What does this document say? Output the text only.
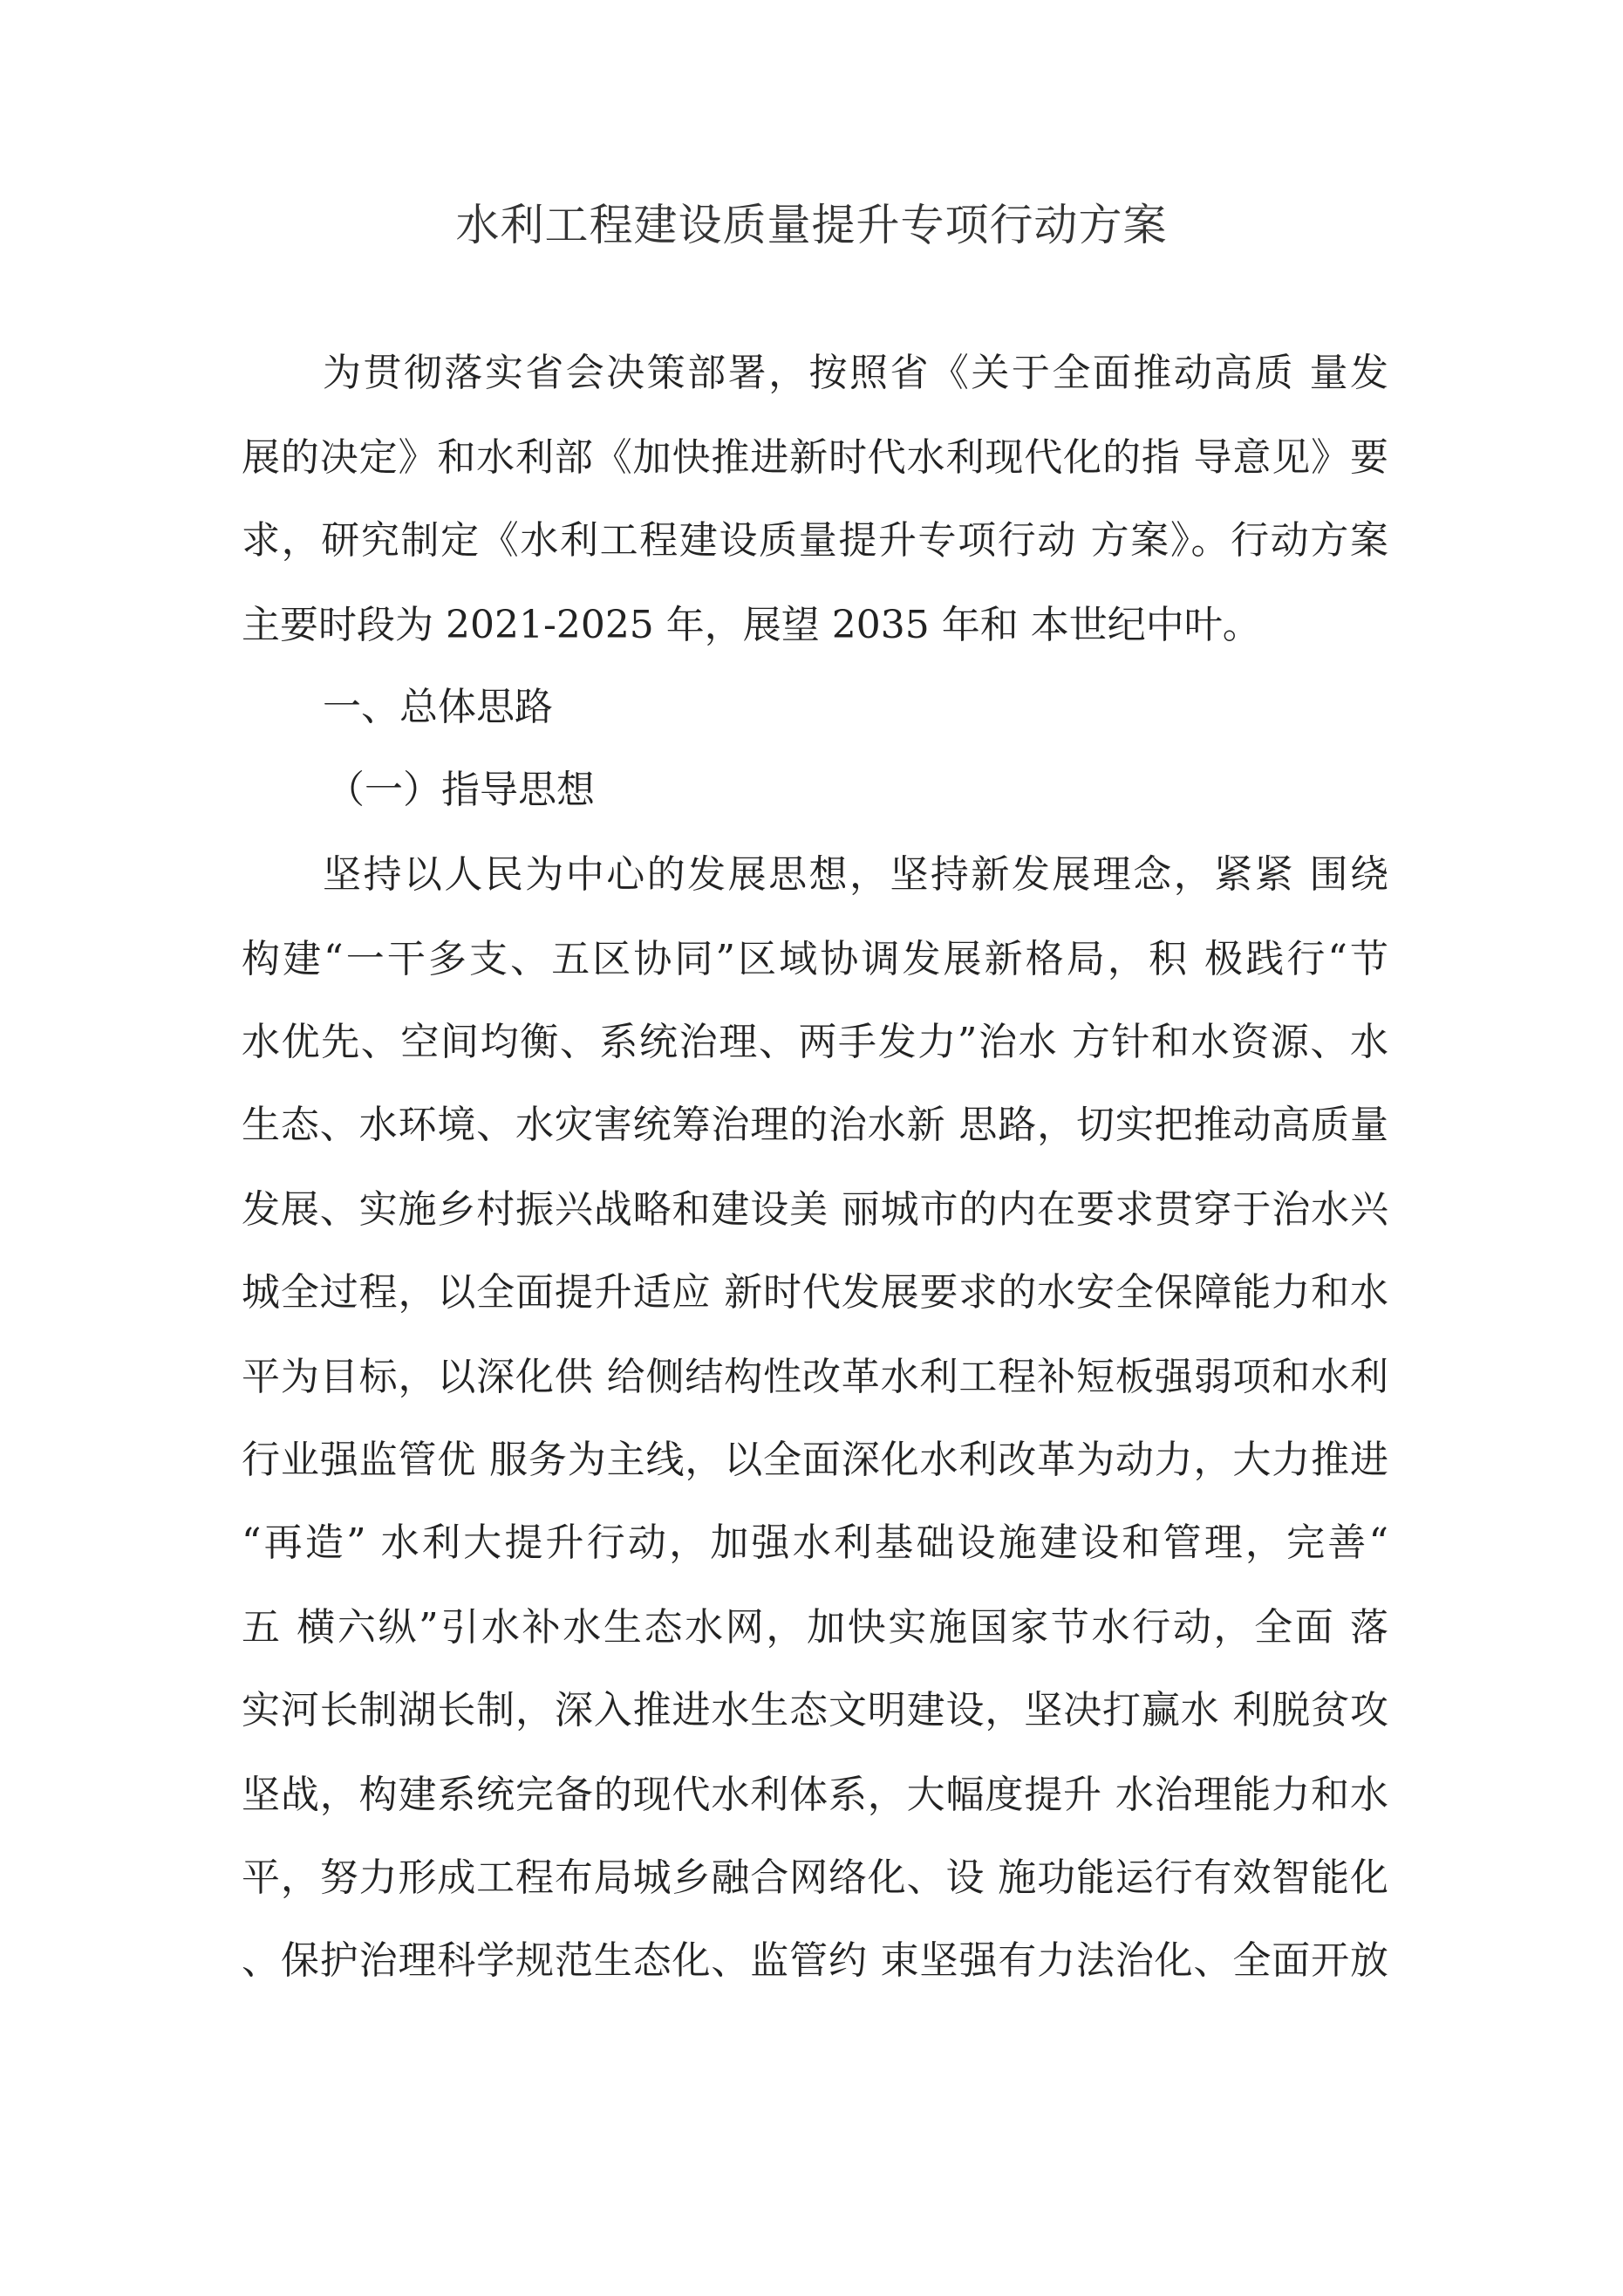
水利工程建设质量提升专项行动方案

为贯彻落实省会决策部署，按照省《关于全面推动高质 量发

展的决定》和水利部《加快推进新时代水利现代化的指 导意见》要

求，研究制定《水利工程建设质量提升专项行动 方案》。行动方案

主要时段为 2021-2025 年，展望 2035 年和 本世纪中叶。

一、总体思路

（一）指导思想

坚持以人民为中心的发展思想，坚持新发展理念，紧紧 围绕

构建“一干多支、五区协同”区域协调发展新格局，积 极践行“节

水优先、空间均衡、系统治理、两手发力”治水 方针和水资源、水

生态、水环境、水灾害统筹治理的治水新 思路，切实把推动高质量

发展、实施乡村振兴战略和建设美 丽城市的内在要求贯穿于治水兴

城全过程，以全面提升适应 新时代发展要求的水安全保障能力和水

平为目标，以深化供 给侧结构性改革水利工程补短板强弱项和水利

行业强监管优 服务为主线，以全面深化水利改革为动力，大力推进

“再造” 水利大提升行动，加强水利基础设施建设和管理，完善“

五 横六纵”引水补水生态水网，加快实施国家节水行动，全面 落

实河长制湖长制，深入推进水生态文明建设，坚决打赢水 利脱贫攻

坚战，构建系统完备的现代水利体系，大幅度提升 水治理能力和水

平，努力形成工程布局城乡融合网络化、设 施功能运行有效智能化

、保护治理科学规范生态化、监管约 束坚强有力法治化、全面开放
